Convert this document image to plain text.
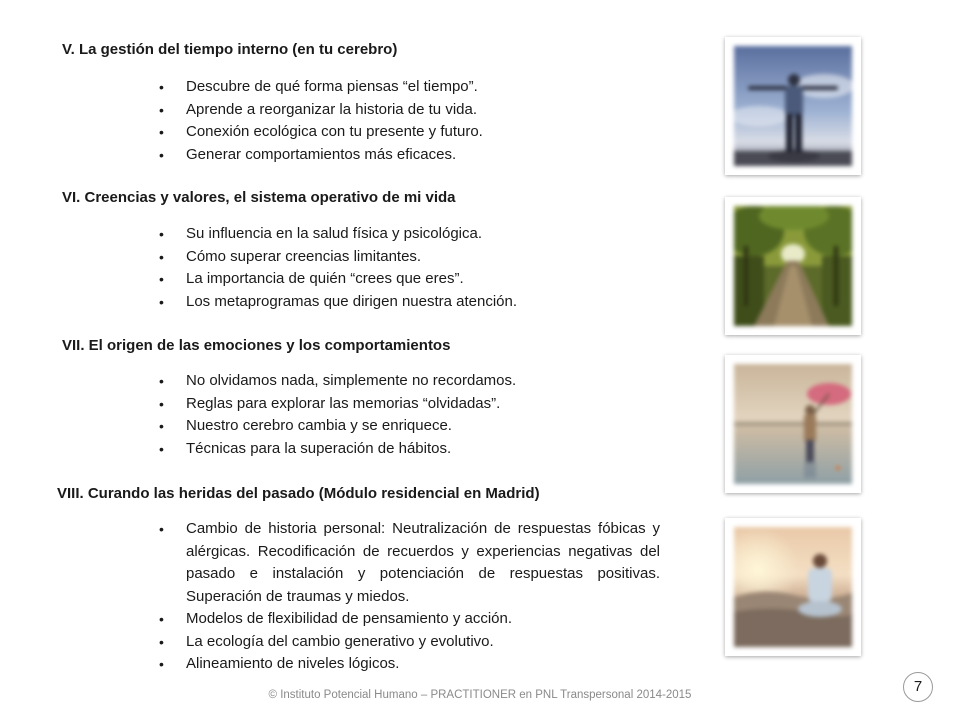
V. La gestión del tiempo interno (en tu cerebro)
• Descubre de qué forma piensas “el tiempo”.
• Aprende a reorganizar la historia de tu vida.
• Conexión ecológica con tu presente y futuro.
• Generar comportamientos más eficaces.
VI. Creencias y valores, el sistema operativo de mi vida
• Su influencia en la salud física y psicológica.
• Cómo superar creencias limitantes.
• La importancia de quién “crees que eres”.
• Los metaprogramas que dirigen nuestra atención.
VII. El origen de las emociones y los comportamientos
• No olvidamos nada, simplemente no recordamos.
• Reglas para explorar las memorias “olvidadas”.
• Nuestro cerebro cambia y se enriquece.
• Técnicas para la superación de hábitos.
VIII. Curando las heridas del pasado (Módulo residencial en Madrid)
• Cambio de historia personal: Neutralización de respuestas fóbicas y alérgicas. Recodificación de recuerdos y experiencias negativas del pasado e instalación y potenciación de respuestas positivas. Superación de traumas y miedos.
• Modelos de flexibilidad de pensamiento y acción.
• La ecología del cambio generativo y evolutivo.
• Alineamiento de niveles lógicos.
© Instituto Potencial Humano – PRACTITIONER en PNL Transpersonal 2014-2015	7
